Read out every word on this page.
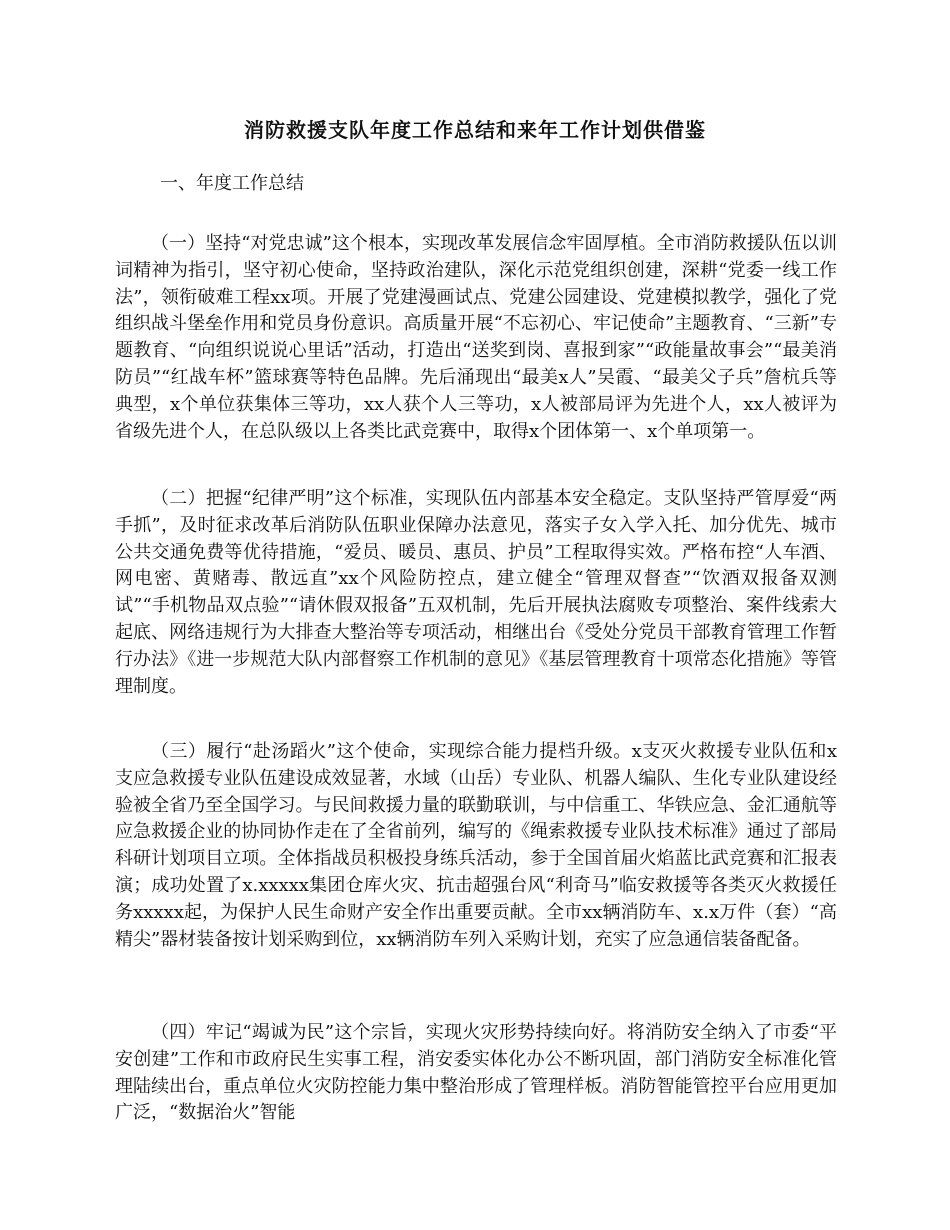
消防救援支队年度工作总结和来年工作计划供借鉴
一、年度工作总结

（一）坚持“对党忠诚”这个根本，实现改革发展信念牢固厚植。全市消防救援队伍以训词精神为指引，坚守初心使命，坚持政治建队，深化示范党组织创建，深耕“党委一线工作法”，领衔破难工程xx项。开展了党建漫画试点、党建公园建设、党建模拟教学，强化了党组织战斗堡垒作用和党员身份意识。高质量开展“不忘初心、牢记使命”主题教育、“三新”专题教育、“向组织说说心里话”活动，打造出“送奖到岗、喜报到家”“政能量故事会”“最美消防员”“红战车杯”篮球赛等特色品牌。先后涌现出“最美x人”吴霞、“最美父子兵”詹杭兵等典型，x个单位获集体三等功，xx人获个人三等功，x人被部局评为先进个人，xx人被评为省级先进个人，在总队级以上各类比武竞赛中，取得x个团体第一、x个单项第一。

（二）把握“纪律严明”这个标准，实现队伍内部基本安全稳定。支队坚持严管厚爱“两手抓”，及时征求改革后消防队伍职业保障办法意见，落实子女入学入托、加分优先、城市公共交通免费等优待措施，“爱员、暖员、惠员、护员”工程取得实效。严格布控“人车酒、网电密、黄赌毒、散远直”xx个风险防控点，建立健全“管理双督查”“饮酒双报备双测试”“手机物品双点验”“请休假双报备”五双机制，先后开展执法腐败专项整治、案件线索大起底、网络违规行为大排查大整治等专项活动，相继出台《受处分党员干部教育管理工作暂行办法》《进一步规范大队内部督察工作机制的意见》《基层管理教育十项常态化措施》等管理制度。

（三）履行“赴汤蹈火”这个使命，实现综合能力提档升级。x支灭火救援专业队伍和x支应急救援专业队伍建设成效显著，水域（山岳）专业队、机器人编队、生化专业队建设经验被全省乃至全国学习。与民间救援力量的联勤联训，与中信重工、华铁应急、金汇通航等应急救援企业的协同协作走在了全省前列，编写的《绳索救援专业队技术标准》通过了部局科研计划项目立项。全体指战员积极投身练兵活动，参于全国首届火焰蓝比武竞赛和汇报表演；成功处置了x.xxxxx集团仓库火灾、抗击超强台风“利奇马”临安救援等各类灭火救援任务xxxxx起，为保护人民生命财产安全作出重要贡献。全市xx辆消防车、x.x万件（套）“高精尖”器材装备按计划采购到位，xx辆消防车列入采购计划，充实了应急通信装备配备。

（四）牢记“竭诚为民”这个宗旨，实现火灾形势持续向好。将消防安全纳入了市委“平安创建”工作和市政府民生实事工程，消安委实体化办公不断巩固，部门消防安全标准化管理陆续出台，重点单位火灾防控能力集中整治形成了管理样板。消防智能管控平台应用更加广泛，“数据治火”智能
